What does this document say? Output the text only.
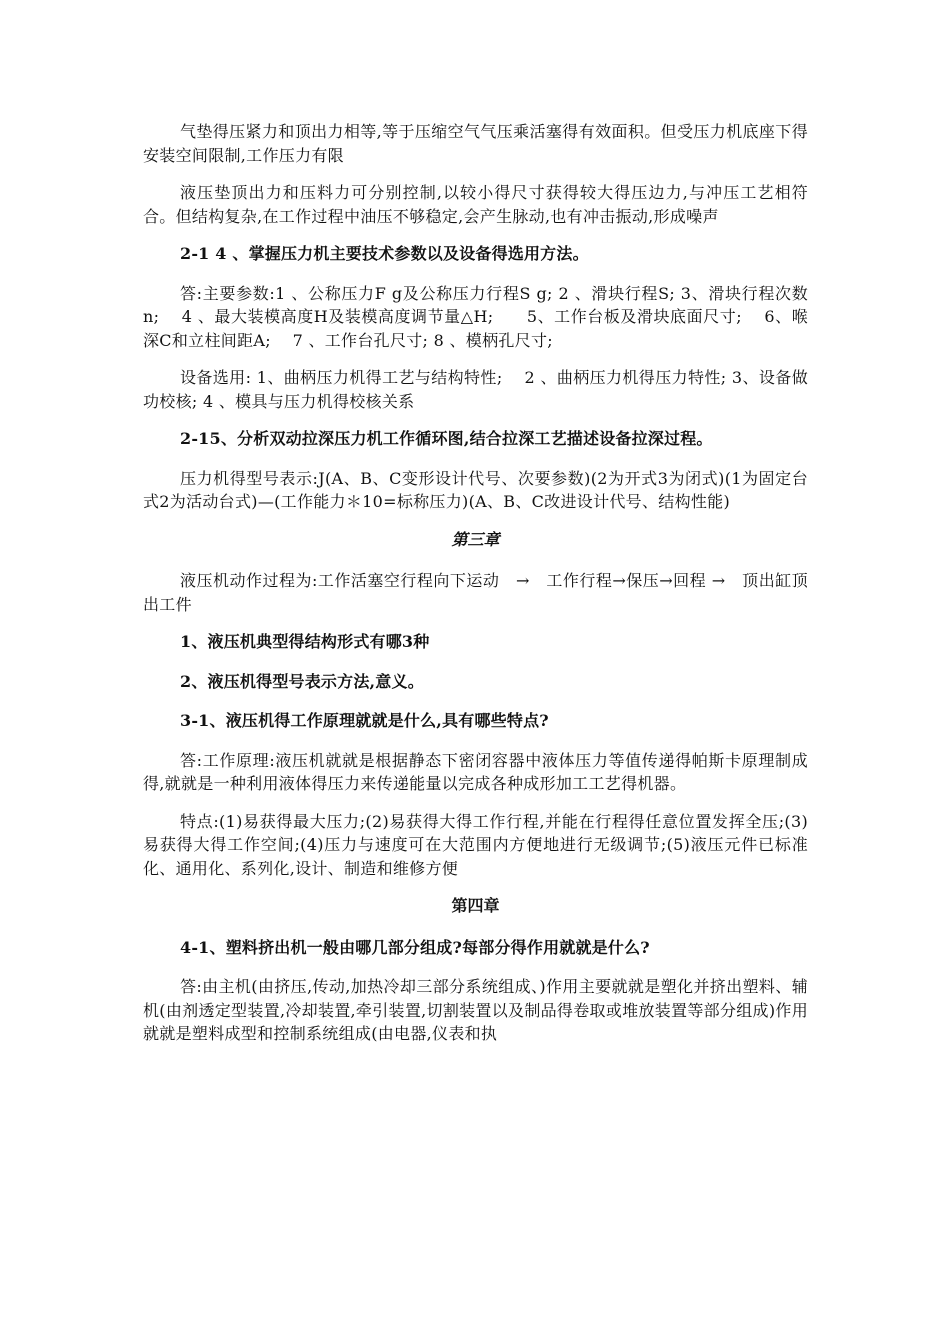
气垫得压紧力和顶出力相等,等于压缩空气气压乘活塞得有效面积。但受压力机底座下得安装空间限制,工作压力有限

液压垫顶出力和压料力可分别控制,以较小得尺寸获得较大得压边力,与冲压工艺相符合。但结构复杂,在工作过程中油压不够稳定,会产生脉动,也有冲击振动,形成噪声

2-1 4 、掌握压力机主要技术参数以及设备得选用方法。

答:主要参数:1 、公称压力F g及公称压力行程S g; 2 、滑块行程S; 3、滑块行程次数n;　 4 、最大装模高度H及装模高度调节量△H;　　5、工作台板及滑块底面尺寸;　 6、喉深C和立柱间距A;　 7 、工作台孔尺寸; 8 、模柄孔尺寸;

设备选用: 1、曲柄压力机得工艺与结构特性;　 2 、曲柄压力机得压力特性; 3、设备做功校核; 4 、模具与压力机得校核关系

2-15、分析双动拉深压力机工作循环图,结合拉深工艺描述设备拉深过程。

压力机得型号表示:J(A、B、C变形设计代号、次要参数)(2为开式3为闭式)(1为固定台式2为活动台式)—(工作能力＊10=标称压力)(A、B、C改进设计代号、结构性能)

第三章

液压机动作过程为:工作活塞空行程向下运动　→　工作行程→保压→回程 →　顶出缸顶出工件

1、液压机典型得结构形式有哪3种

2、液压机得型号表示方法,意义。

3-1、液压机得工作原理就就是什么,具有哪些特点?

答:工作原理:液压机就就是根据静态下密闭容器中液体压力等值传递得帕斯卡原理制成得,就就是一种利用液体得压力来传递能量以完成各种成形加工工艺得机器。

特点:(1)易获得最大压力;(2)易获得大得工作行程,并能在行程得任意位置发挥全压;(3)易获得大得工作空间;(4)压力与速度可在大范围内方便地进行无级调节;(5)液压元件已标准化、通用化、系列化,设计、制造和维修方便

第四章

4-1、塑料挤出机一般由哪几部分组成?每部分得作用就就是什么?

答:由主机(由挤压,传动,加热冷却三部分系统组成、)作用主要就就是塑化并挤出塑料、辅机(由剂透定型装置,冷却装置,牵引装置,切割装置以及制品得卷取或堆放装置等部分组成)作用就就是塑料成型和控制系统组成(由电器,仪表和执
